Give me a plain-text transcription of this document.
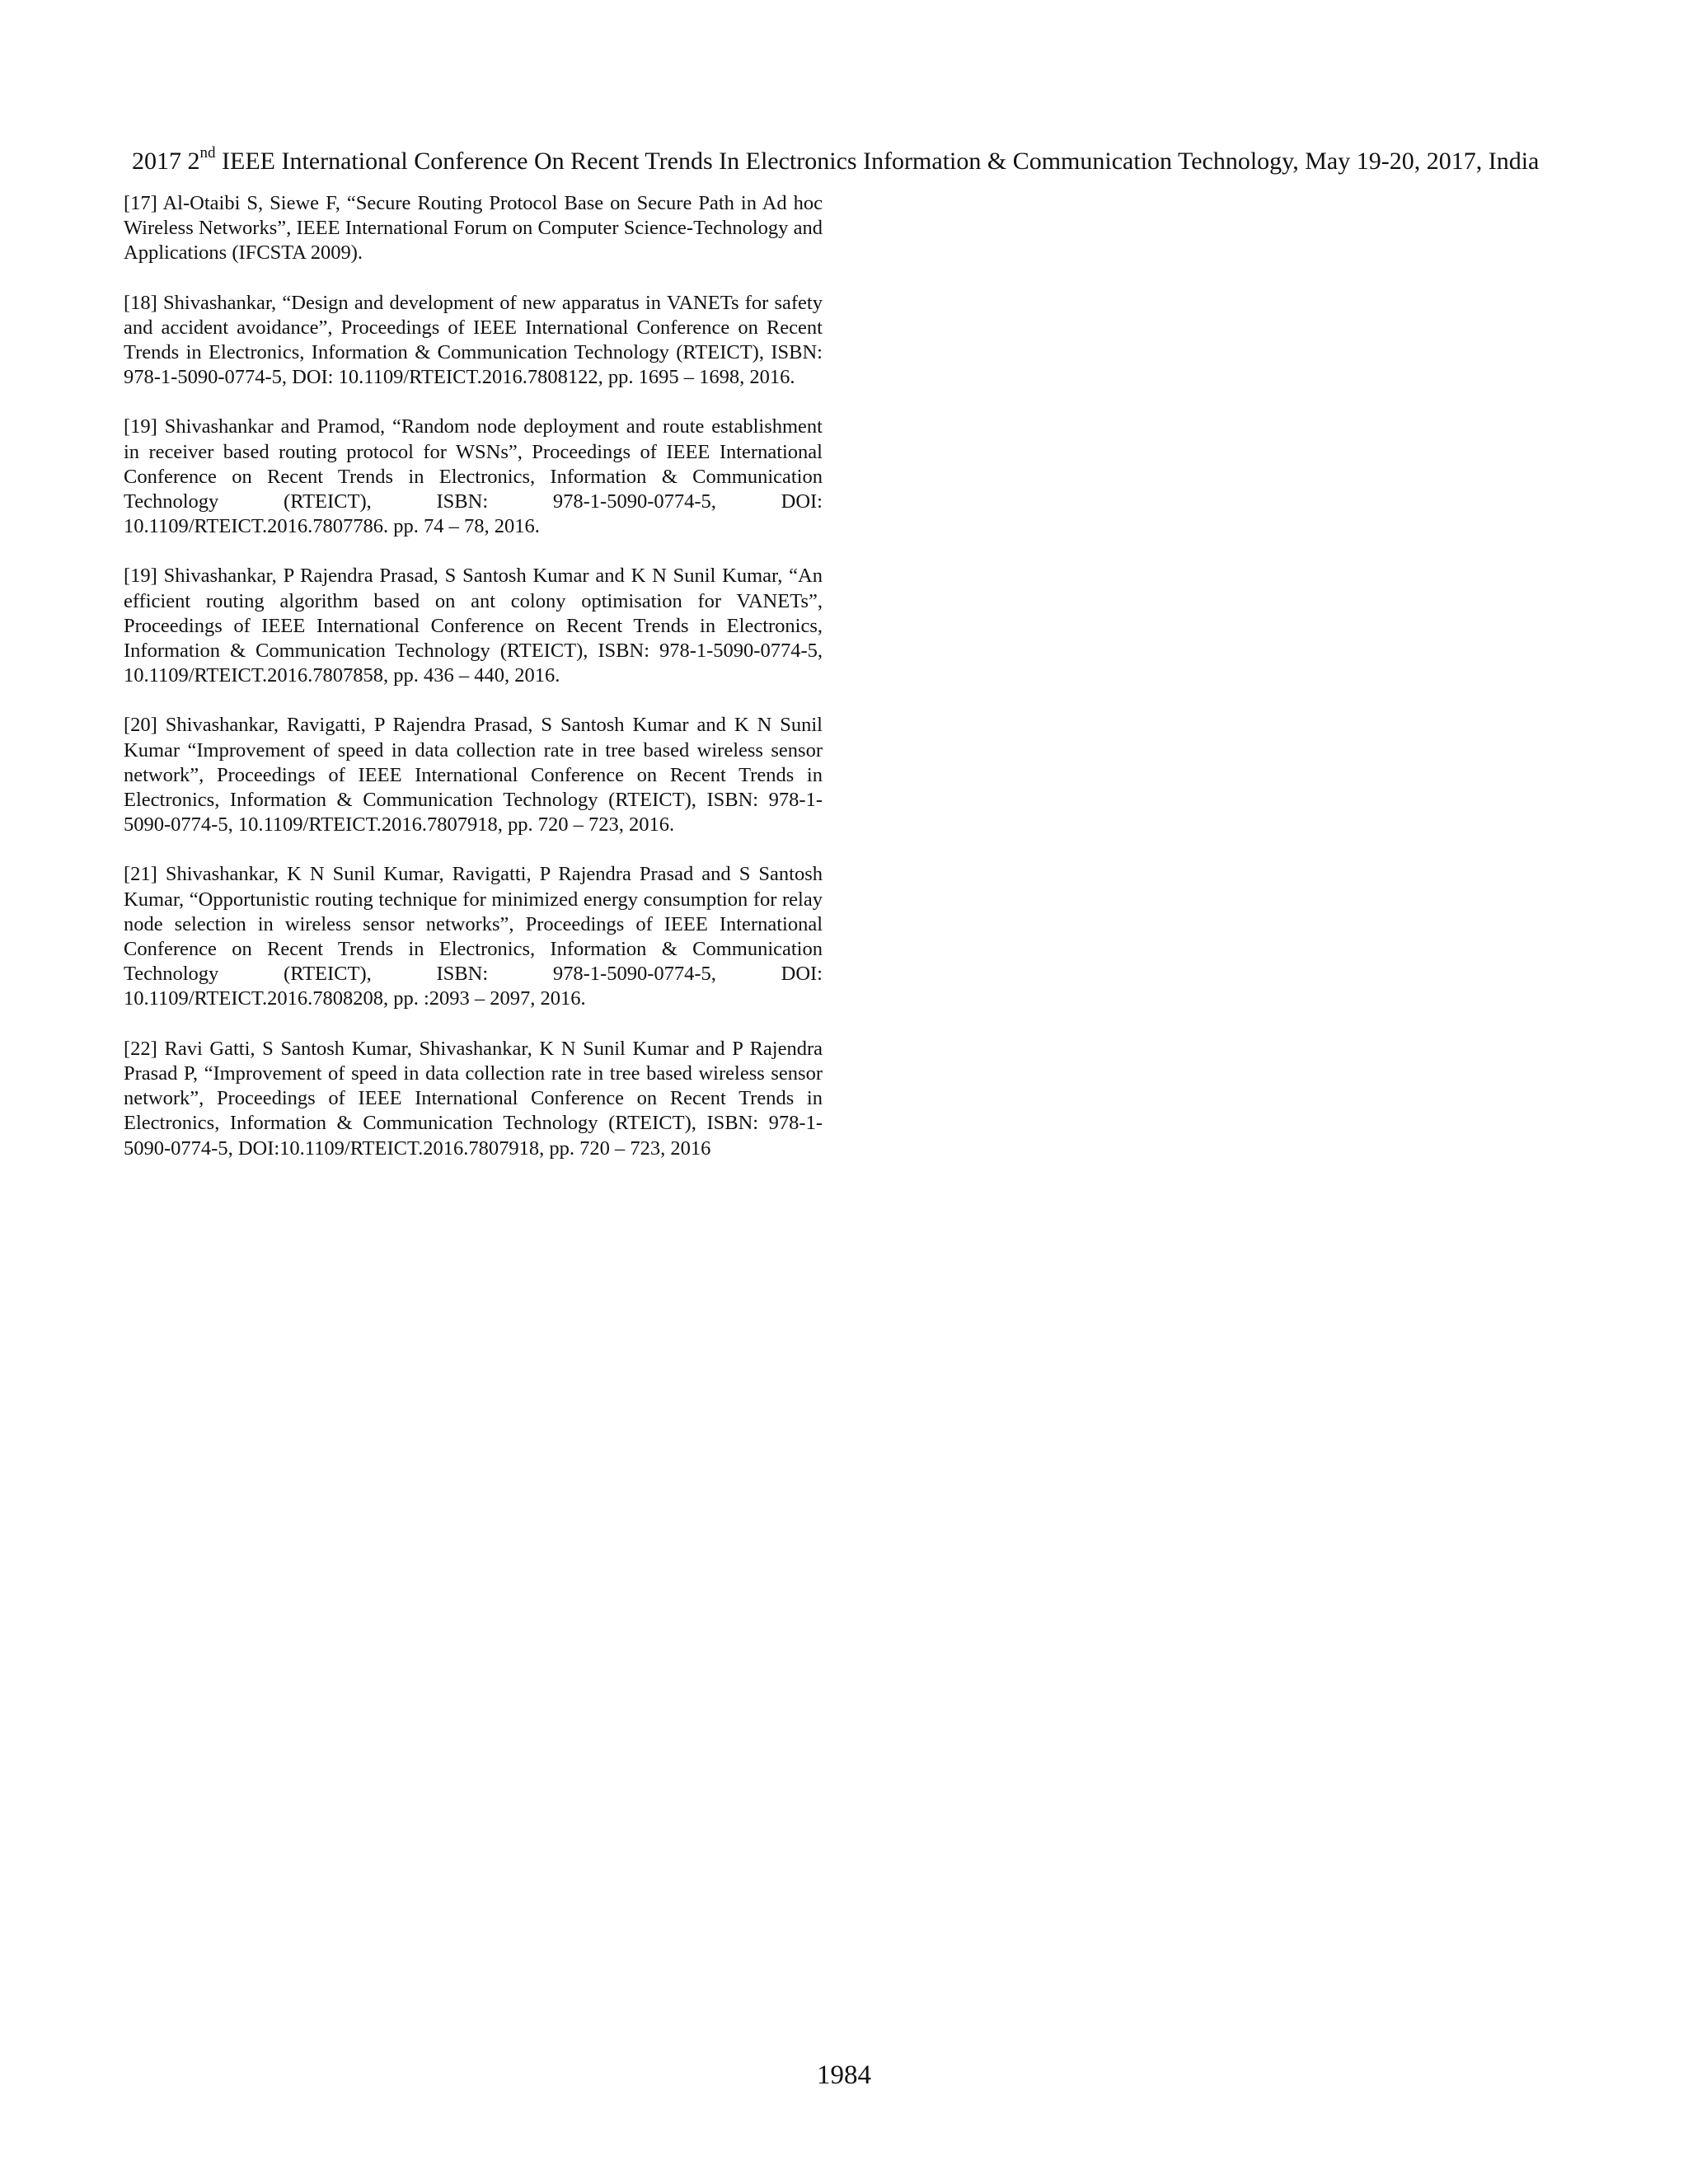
2017 2nd IEEE International Conference On Recent Trends In Electronics Information & Communication Technology, May 19-20, 2017, India

[17] Al-Otaibi S, Siewe F, “Secure Routing Protocol Base on Secure Path in Ad hoc Wireless Networks”, IEEE International Forum on Computer Science-Technology and Applications (IFCSTA 2009).

[18] Shivashankar, “Design and development of new apparatus in VANETs for safety and accident avoidance”, Proceedings of IEEE International Conference on Recent Trends in Electronics, Information & Communication Technology (RTEICT), ISBN: 978-1-5090-0774-5, DOI: 10.1109/RTEICT.2016.7808122, pp. 1695 – 1698, 2016.

[19] Shivashankar and Pramod, “Random node deployment and route establishment in receiver based routing protocol for WSNs”, Proceedings of IEEE International Conference on Recent Trends in Electronics, Information & Communication Technology (RTEICT), ISBN: 978-1-5090-0774-5, DOI: 10.1109/RTEICT.2016.7807786. pp. 74 – 78, 2016.

[19] Shivashankar, P Rajendra Prasad, S Santosh Kumar and K N Sunil Kumar, “An efficient routing algorithm based on ant colony optimisation for VANETs”, Proceedings of IEEE International Conference on Recent Trends in Electronics, Information & Communication Technology (RTEICT), ISBN: 978-1-5090-0774-5, 10.1109/RTEICT.2016.7807858, pp. 436 – 440, 2016.

[20] Shivashankar, Ravigatti, P Rajendra Prasad, S Santosh Kumar and K N Sunil Kumar “Improvement of speed in data collection rate in tree based wireless sensor network”, Proceedings of IEEE International Conference on Recent Trends in Electronics, Information & Communication Technology (RTEICT), ISBN: 978-1-5090-0774-5, 10.1109/RTEICT.2016.7807918, pp. 720 – 723, 2016.

[21] Shivashankar, K N Sunil Kumar, Ravigatti, P Rajendra Prasad and S Santosh Kumar, “Opportunistic routing technique for minimized energy consumption for relay node selection in wireless sensor networks”, Proceedings of IEEE International Conference on Recent Trends in Electronics, Information & Communication Technology (RTEICT), ISBN: 978-1-5090-0774-5, DOI: 10.1109/RTEICT.2016.7808208, pp. :2093 – 2097, 2016.

[22] Ravi Gatti, S Santosh Kumar, Shivashankar, K N Sunil Kumar and P Rajendra Prasad P, “Improvement of speed in data collection rate in tree based wireless sensor network”, Proceedings of IEEE International Conference on Recent Trends in Electronics, Information & Communication Technology (RTEICT), ISBN: 978-1-5090-0774-5, DOI:10.1109/RTEICT.2016.7807918, pp. 720 – 723, 2016

1984
